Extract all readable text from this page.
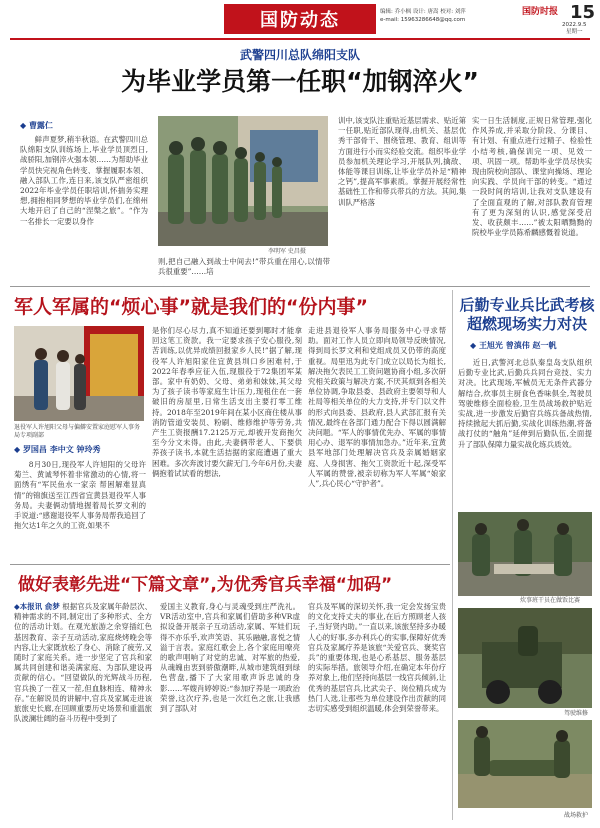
国防动态	编辑: 乔小枫 设计: 唐嵩 校对: 刘萍
e-mail: 15963286648@qq.com
国防时报 15
2022.9.5
星期一
武警四川总队绵阳支队
为毕业学员第一任职“加钢淬火”
◆ 曹露仁

鲜声夏梦,稍半秋语。在武警四川总队绵阳支队训练场上,毕业学员顶烈日,战骄阳,加钢淬火强本领……为帮助毕业学员快完视角色转变、掌握履职本领、融入部队工作,连日来,该支队严密组织2022年毕业学员任职培训,怀揣务实理想,拥抱相同梦想的毕业学员们,在绵州大地开启了自己的“涅槃之旅”。“作为一名排长一定要以身作

李明军 史昌摄

则,把自己融入到战士中间去!”带兵重在用心,以情带兵很重要”……培

训中,该支队注重贴近基层需求、贴近第一任职,贴近部队现得,由机关、基层优秀干部骨干、围绕管理、教育、组训等方面进行小而实经验交流。组织毕业学员参加机关理论学习,开展队列,擒敌、体能等课目训练,让毕业学员补足“精神之钙”,提高军事素质。掌握开展经常性基础性工作和带兵带兵的方法。其间,集训队严格落

实一日生活制度,正规日常管理,强化作风养成,并采取分阶段、分课目、有计划、有重点进行过精子、检验性小结考核,确保训完一项、见效一项、巩固一项。帮助毕业学员尽快实现由院校向部队、课堂向操场、理论向实践、学员向干部的转变。“通过一段时间的培训,让我对支队建设有了全面直观的了解,对部队教育管理有了更为深刻的认识,感觉深受启发、收获颇丰……”被太阳晒黝黝的院校毕业学员陈希麟感慨着说道。

军人军属的“烦心事”就是我们的“份内事”
退役军人许旭阳父母与偏僻安置家庭慰军人事务局专项副部
◆ 罗国昌 李中文 钟玲秀

8月30日,现役军人许旭阳的父母许菊兰、黄诚琴怀着非常激动的心情,将一面绣有“军民鱼水一家亲 帮困解难显真情”的锦旗送至江西省宜黄县退役军人事务局。夫妻俩动情地握着局长罗文利的手说道:“感谢退役军人事务局帮我追回了拖欠达1年之久的工资,如果不

是你们尽心尽力,真不知道还要到哪时才能拿回这笔工资款。我一定要求孩子安心服役,刻苦训练,以优异成绩回报家乡人民!”据了解,现役军人许旭阳家住宜黄县圳口乡困难村,于2022年春季应征入伍,现服役于72集团军某部。家中有奶奶、父母、弟弟和妹妹,其父母为了孩子读书等家庭生计压力,现租住在一套破旧的房屋里,日常生活支出主要打零工维持。2018年至2019年间在某小区商住楼从事消防管道安装员、粉刷、维修维护等劳务,共产生工资报酬17.2125万元,却被开发商拖欠至今分文未得。由此,夫妻俩带老人、下要供养孩子读书,本就生活拮据的家庭遭遇了重大困难。多次奔波讨要欠薪无门,今年6月份,夫妻俩抱着试试看的想法,

走进县退役军人事务局服务中心寻求帮助。面对工作人员立即向局领导反映情况,得到局长罗文利和党组成员又仍带的高度重视。局里迅为此专门成立以局长为组长,解决拖欠表民工工资问题协商小组,多次研究相关政策与解决方案,不厌其烦到各相关单位协调,争取县委、县政府主要领导和人社局等相关单位的大力支持,并专门以文件的形式向县委、县政府,县人武部汇报有关情况,最终在各部门通力配合下得以圆满解决问题。“军人的事情优先办、军属的事情用心办、退军的事情加急办。”近年来,宜黄县军地部门处理解决官兵及亲属婚姻家庭、人身损害、拖欠工资款近十起,深受军人军属的赞誉,被亲切称为军人军属“娘家人”,兵心民心“守护者”。

后勤专业兵比武考核超燃现场实力对决
◆ 王旭光 曾滇伟 赵一帆

近日,武警河北总队秦皇岛支队组织后勤专业比武,后勤兵兵同台竞技、实力对决。比武现场,军械员无无条件武器分解结合,炊事员主厨食色香味俱全,驾驶员驾驶维修全面检验,卫生员战场救护贴近实战,进一步激发后勤官兵练兵备战热情,持续掀起大抓后勤,实战化训练热潮,将备战打仗的“触角”延伸到后勤队伍,全面提升了部队保障力量实战化练兵质效。

炊事班干员在做饭比赛
驾驶维修
战场救护
做好表彰先进“下篇文章”,为优秀官兵幸福“加码”

◆本报讯 俞梦 根据官兵及家属年龄层次、精神需求的不同,制定出了多种形式、全方位的活动计划。在观光旅游之余穿插红色基因教育、亲子互动活动,家庭烧烤晚会等内容,让大家既放松了身心、消除了疲劳,又随时了家庭关系。进一步坚定了官兵和家属共同创建和谐美满家庭、为部队建设再贡献的信心。“回望做队的光辉战斗历程,官兵换了一茬又一茬,但血脉相连、精神永存。”在解说员的讲解中,官兵及家属走进该旅旅史长廊,在回顾重要历史场景和重温旅队波澜壮阔的奋斗历程中受到了

爱国主义教育,身心与灵魂受到庄严洗礼。VR活动室中,官兵和家属们借助多种VR虚拟设备开展亲子互动活动,家属、军娃们玩得不亦乐乎,欢声笑语、其乐融融,喜悦之情溢于言表。家庭红歌会上,各个家庭用嘹亮的歌声唱响了对党的忠诚、对军旅的热爱,从魂魄由衷到骄傲潮畔,从城市建筑细到绿色营盘,播下了大家用歌声诉忠诚的身影……军嫂肖婷婷说:“参加疗养是一项政治荣誉,这次疗养,也是一次红色之旅,让我感到了部队对

官兵及军属的深切关怀,我一定会发扬宝贵的文化支持丈夫的事业,在后方照顾老人孩子,当好贤内助。”一直以来,该旅坚持多办暖人心的好事,多办利兵心的实事,保障好优秀官兵及家属疗养是该旅“关爱官兵、褒奖官兵”的重要体现,也是心系基层、服务基层的实际举措。旅领导介绍,在确定本年份疗养对象上,他们坚持向基层一线官兵倾斜,让优秀的基层官兵,比武尖子、岗位精兵成为热门人选,让那些为单位建设作出贡献的同志切实感受到组织温暖,体会到荣誉带来。
